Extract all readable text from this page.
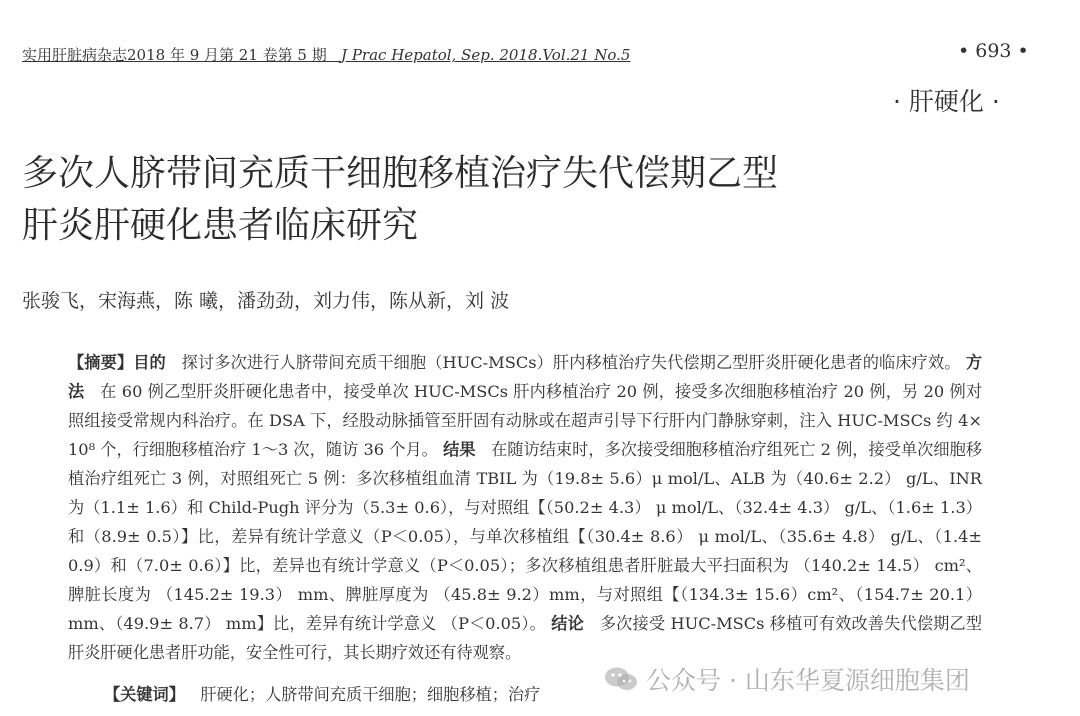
实用肝脏病杂志2018 年 9 月第 21 卷第 5 期 J Prac Hepatol, Sep. 2018.Vol.21 No.5	• 693 •
· 肝硬化 ·
多次人脐带间充质干细胞移植治疗失代偿期乙型
肝炎肝硬化患者临床研究
张骏飞，宋海燕，陈 曦，潘劲劲，刘力伟，陈从新，刘 波
【摘要】目的 探讨多次进行人脐带间充质干细胞（HUC-MSCs）肝内移植治疗失代偿期乙型肝炎肝硬化患者的临床疗效。 方法 在 60 例乙型肝炎肝硬化患者中，接受单次 HUC-MSCs 肝内移植治疗 20 例，接受多次细胞移植治疗 20 例，另 20 例对照组接受常规内科治疗。在 DSA 下，经股动脉插管至肝固有动脉或在超声引导下行肝内门静脉穿刺，注入 HUC-MSCs 约 4× 10⁸ 个，行细胞移植治疗 1～3 次，随访 36 个月。 结果 在随访结束时，多次接受细胞移植治疗组死亡 2 例，接受单次细胞移植治疗组死亡 3 例，对照组死亡 5 例：多次移植组血清 TBIL 为（19.8± 5.6）μ mol/L、ALB 为（40.6± 2.2） g/L、INR 为（1.1± 1.6）和 Child-Pugh 评分为（5.3± 0.6），与对照组【（50.2± 4.3） μ mol/L、（32.4± 4.3） g/L、（1.6± 1.3）和（8.9± 0.5）】比，差异有统计学意义（P＜0.05），与单次移植组【（30.4± 8.6） μ mol/L、（35.6± 4.8） g/L、（1.4± 0.9）和（7.0± 0.6）】比，差异也有统计学意义（P＜0.05）；多次移植组患者肝脏最大平扫面积为 （140.2± 14.5） cm²、脾脏长度为 （145.2± 19.3） mm、脾脏厚度为 （45.8± 9.2）mm，与对照组【（134.3± 15.6）cm²、（154.7± 20.1） mm、（49.9± 8.7） mm】比，差异有统计学意义 （P＜0.05）。 结论 多次接受 HUC-MSCs 移植可有效改善失代偿期乙型肝炎肝硬化患者肝功能，安全性可行，其长期疗效还有待观察。
【关键词】 肝硬化；人脐带间充质干细胞；细胞移植；治疗	公众号 · 山东华夏源细胞集团
